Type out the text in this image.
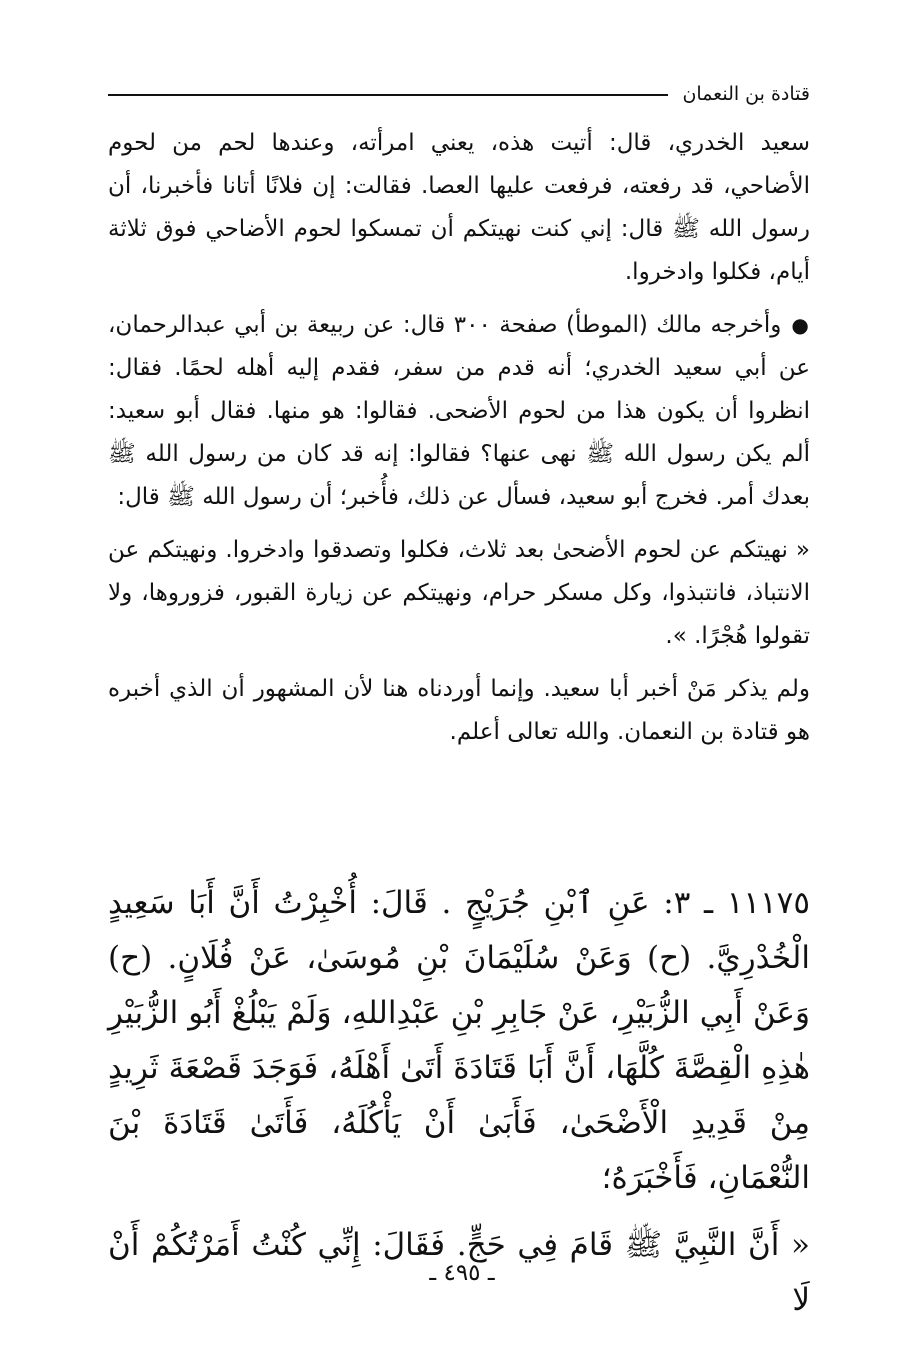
قتادة بن النعمان

سعيد الخدري، قال: أتيت هذه، يعني امرأته، وعندها لحم من لحوم الأضاحي، قد رفعته، فرفعت عليها العصا. فقالت: إن فلانًا أتانا فأخبرنا، أن رسول الله ﷺ قال: إني كنت نهيتكم أن تمسكوا لحوم الأضاحي فوق ثلاثة أيام، فكلوا وادخروا.

●وأخرجه مالك (الموطأ) صفحة ٣٠٠ قال: عن ربيعة بن أبي عبدالرحمان، عن أبي سعيد الخدري؛ أنه قدم من سفر، فقدم إليه أهله لحمًا. فقال: انظروا أن يكون هذا من لحوم الأضحى. فقالوا: هو منها. فقال أبو سعيد: ألم يكن رسول الله ﷺ نهى عنها؟ فقالوا: إنه قد كان من رسول الله ﷺ بعدك أمر. فخرج أبو سعيد، فسأل عن ذلك، فأُخبر؛ أن رسول الله ﷺ قال:

« نهيتكم عن لحوم الأضحىٰ بعد ثلاث، فكلوا وتصدقوا وادخروا. ونهيتكم عن الانتباذ، فانتبذوا، وكل مسكر حرام، ونهيتكم عن زيارة القبور، فزوروها، ولا تقولوا هُجْرًا. ».

ولم يذكر مَنْ أخبر أبا سعيد. وإنما أوردناه هنا لأن المشهور أن الذي أخبره هو قتادة بن النعمان. والله تعالى أعلم.

١١١٧٥ ـ ٣: عَنِ ٱبْنِ جُرَيْجٍ . قَالَ: أُخْبِرْتُ أَنَّ أَبَا سَعِيدٍ الْخُدْرِيَّ. (ح) وَعَنْ سُلَيْمَانَ بْنِ مُوسَىٰ، عَنْ فُلَانٍ. (ح) وَعَنْ أَبِي الزُّبَيْرِ، عَنْ جَابِرِ بْنِ عَبْدِاللهِ، وَلَمْ يَبْلُغْ أَبُو الزُّبَيْرِ هٰذِهِ الْقِصَّةَ كُلَّهَا، أَنَّ أَبَا قَتَادَةَ أَتَىٰ أَهْلَهُ، فَوَجَدَ قَصْعَةَ ثَرِيدٍ مِنْ قَدِيدِ الْأَضْحَىٰ، فَأَبَىٰ أَنْ يَأْكُلَهُ، فَأَتَىٰ قَتَادَةَ بْنَ النُّعْمَانِ، فَأَخْبَرَهُ؛

« أَنَّ النَّبِيَّ ﷺ قَامَ فِي حَجٍّ. فَقَالَ: إِنِّي كُنْتُ أَمَرْتُكُمْ أَنْ لَا

ـ ٤٩٥ ـ
